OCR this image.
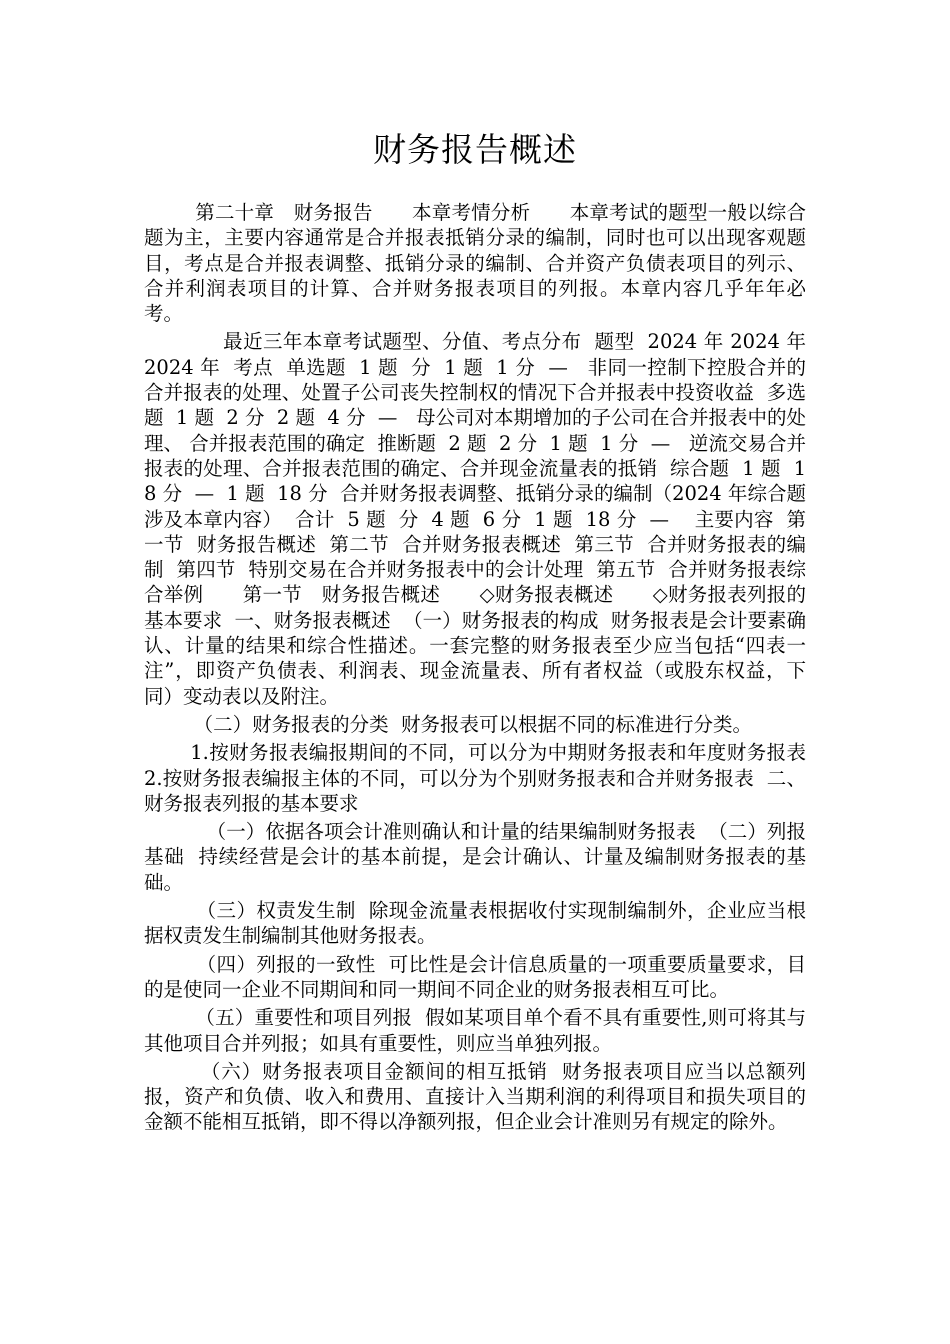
财务报告概述

第二十章　财务报告　　本章考情分析　　本章考试的题型一般以综合题为主，主要内容通常是合并报表抵销分录的编制，同时也可以出现客观题目，考点是合并报表调整、抵销分录的编制、合并资产负债表项目的列示、合并利润表项目的计算、合并财务报表项目的列报。本章内容几乎年年必考。

最近三年本章考试题型、分值、考点分布  题型  2024 年 2024 年  2024 年  考点  单选题  1 题  分  1 题  1 分  —   非同一控制下控股合并的合并报表的处理、处置子公司丧失控制权的情况下合并报表中投资收益  多选题  1 题  2 分  2 题  4 分  —   母公司对本期增加的子公司在合并报表中的处理、 合并报表范围的确定  推断题  2 题  2 分  1 题  1 分  —   逆流交易合并报表的处理、合并报表范围的确定、合并现金流量表的抵销  综合题  1 题  18 分  —  1 题  18 分  合并财务报表调整、抵销分录的编制（2024 年综合题涉及本章内容）  合计  5 题  分  4 题  6 分  1 题  18 分  —    主要内容  第一节  财务报告概述  第二节  合并财务报表概述  第三节  合并财务报表的编制  第四节  特别交易在合并财务报表中的会计处理  第五节  合并财务报表综合举例　　第一节　财务报告概述　　◇财务报表概述　　◇财务报表列报的基本要求  一、财务报表概述  （一）财务报表的构成  财务报表是会计要素确认、计量的结果和综合性描述。一套完整的财务报表至少应当包括“四表一注”，即资产负债表、利润表、现金流量表、所有者权益（或股东权益，下同）变动表以及附注。

（二）财务报表的分类  财务报表可以根据不同的标准进行分类。

1.按财务报表编报期间的不同，可以分为中期财务报表和年度财务报表  2.按财务报表编报主体的不同，可以分为个别财务报表和合并财务报表  二、财务报表列报的基本要求

（一）依据各项会计准则确认和计量的结果编制财务报表  （二）列报基础  持续经营是会计的基本前提，是会计确认、计量及编制财务报表的基础。

（三）权责发生制  除现金流量表根据收付实现制编制外，企业应当根据权责发生制编制其他财务报表。

（四）列报的一致性  可比性是会计信息质量的一项重要质量要求，目的是使同一企业不同期间和同一期间不同企业的财务报表相互可比。

（五）重要性和项目列报  假如某项目单个看不具有重要性,则可将其与其他项目合并列报；如具有重要性，则应当单独列报。

（六）财务报表项目金额间的相互抵销  财务报表项目应当以总额列报，资产和负债、收入和费用、直接计入当期利润的利得项目和损失项目的金额不能相互抵销，即不得以净额列报，但企业会计准则另有规定的除外。
